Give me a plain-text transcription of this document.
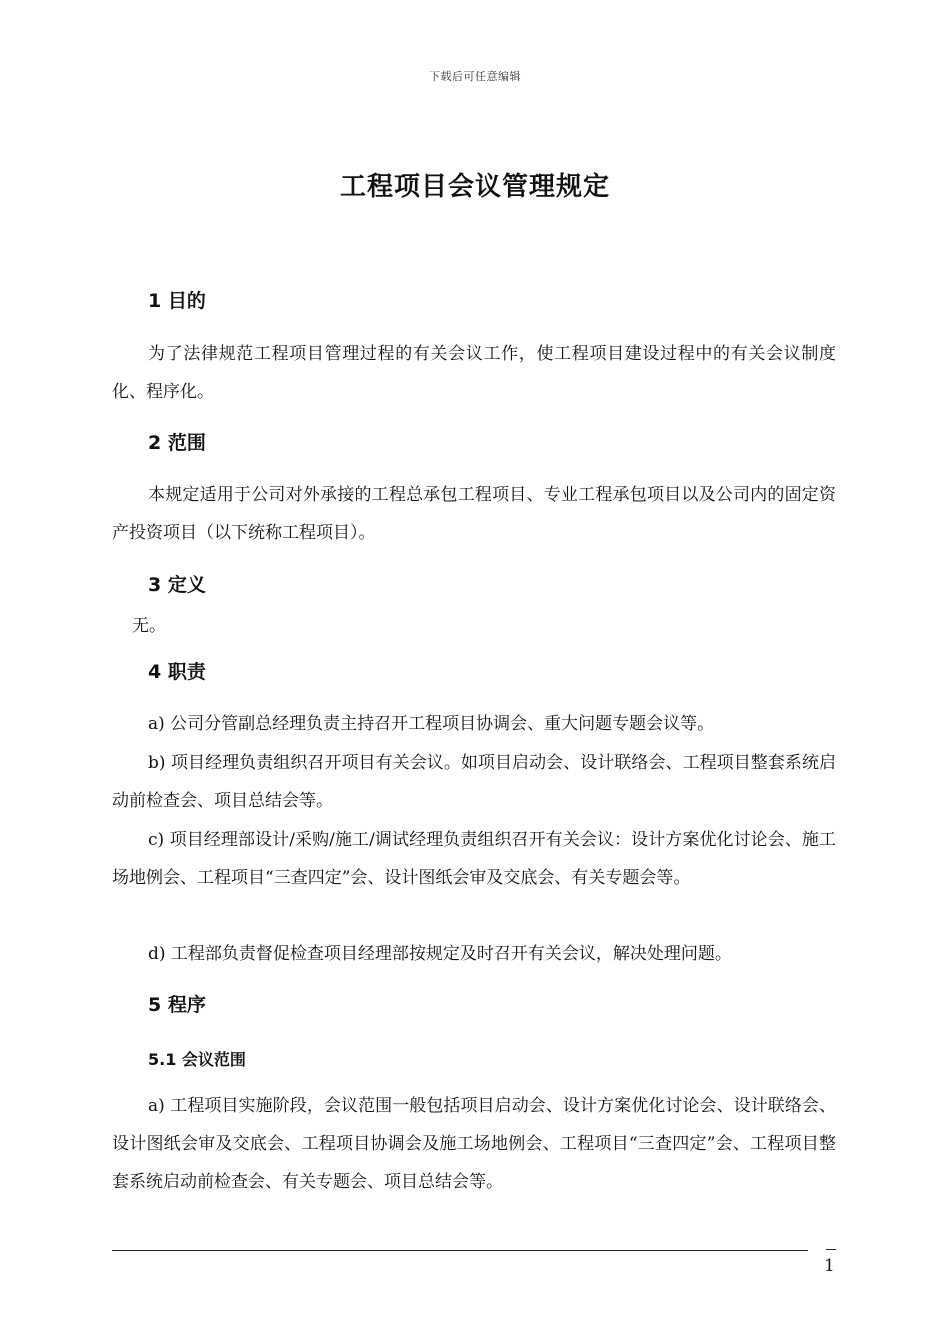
下载后可任意编辑
工程项目会议管理规定
1 目的

为了法律规范工程项目管理过程的有关会议工作，使工程项目建设过程中的有关会议制度化、程序化。

2 范围

本规定适用于公司对外承接的工程总承包工程项目、专业工程承包项目以及公司内的固定资产投资项目（以下统称工程项目）。

3 定义

无。

4 职责

a) 公司分管副总经理负责主持召开工程项目协调会、重大问题专题会议等。

b) 项目经理负责组织召开项目有关会议。如项目启动会、设计联络会、工程项目整套系统启动前检查会、项目总结会等。

c) 项目经理部设计/采购/施工/调试经理负责组织召开有关会议：设计方案优化讨论会、施工场地例会、工程项目“三查四定”会、设计图纸会审及交底会、有关专题会等。

d) 工程部负责督促检查项目经理部按规定及时召开有关会议，解决处理问题。

5 程序
5.1 会议范围

a) 工程项目实施阶段，会议范围一般包括项目启动会、设计方案优化讨论会、设计联络会、设计图纸会审及交底会、工程项目协调会及施工场地例会、工程项目“三查四定”会、工程项目整套系统启动前检查会、有关专题会、项目总结会等。

1
